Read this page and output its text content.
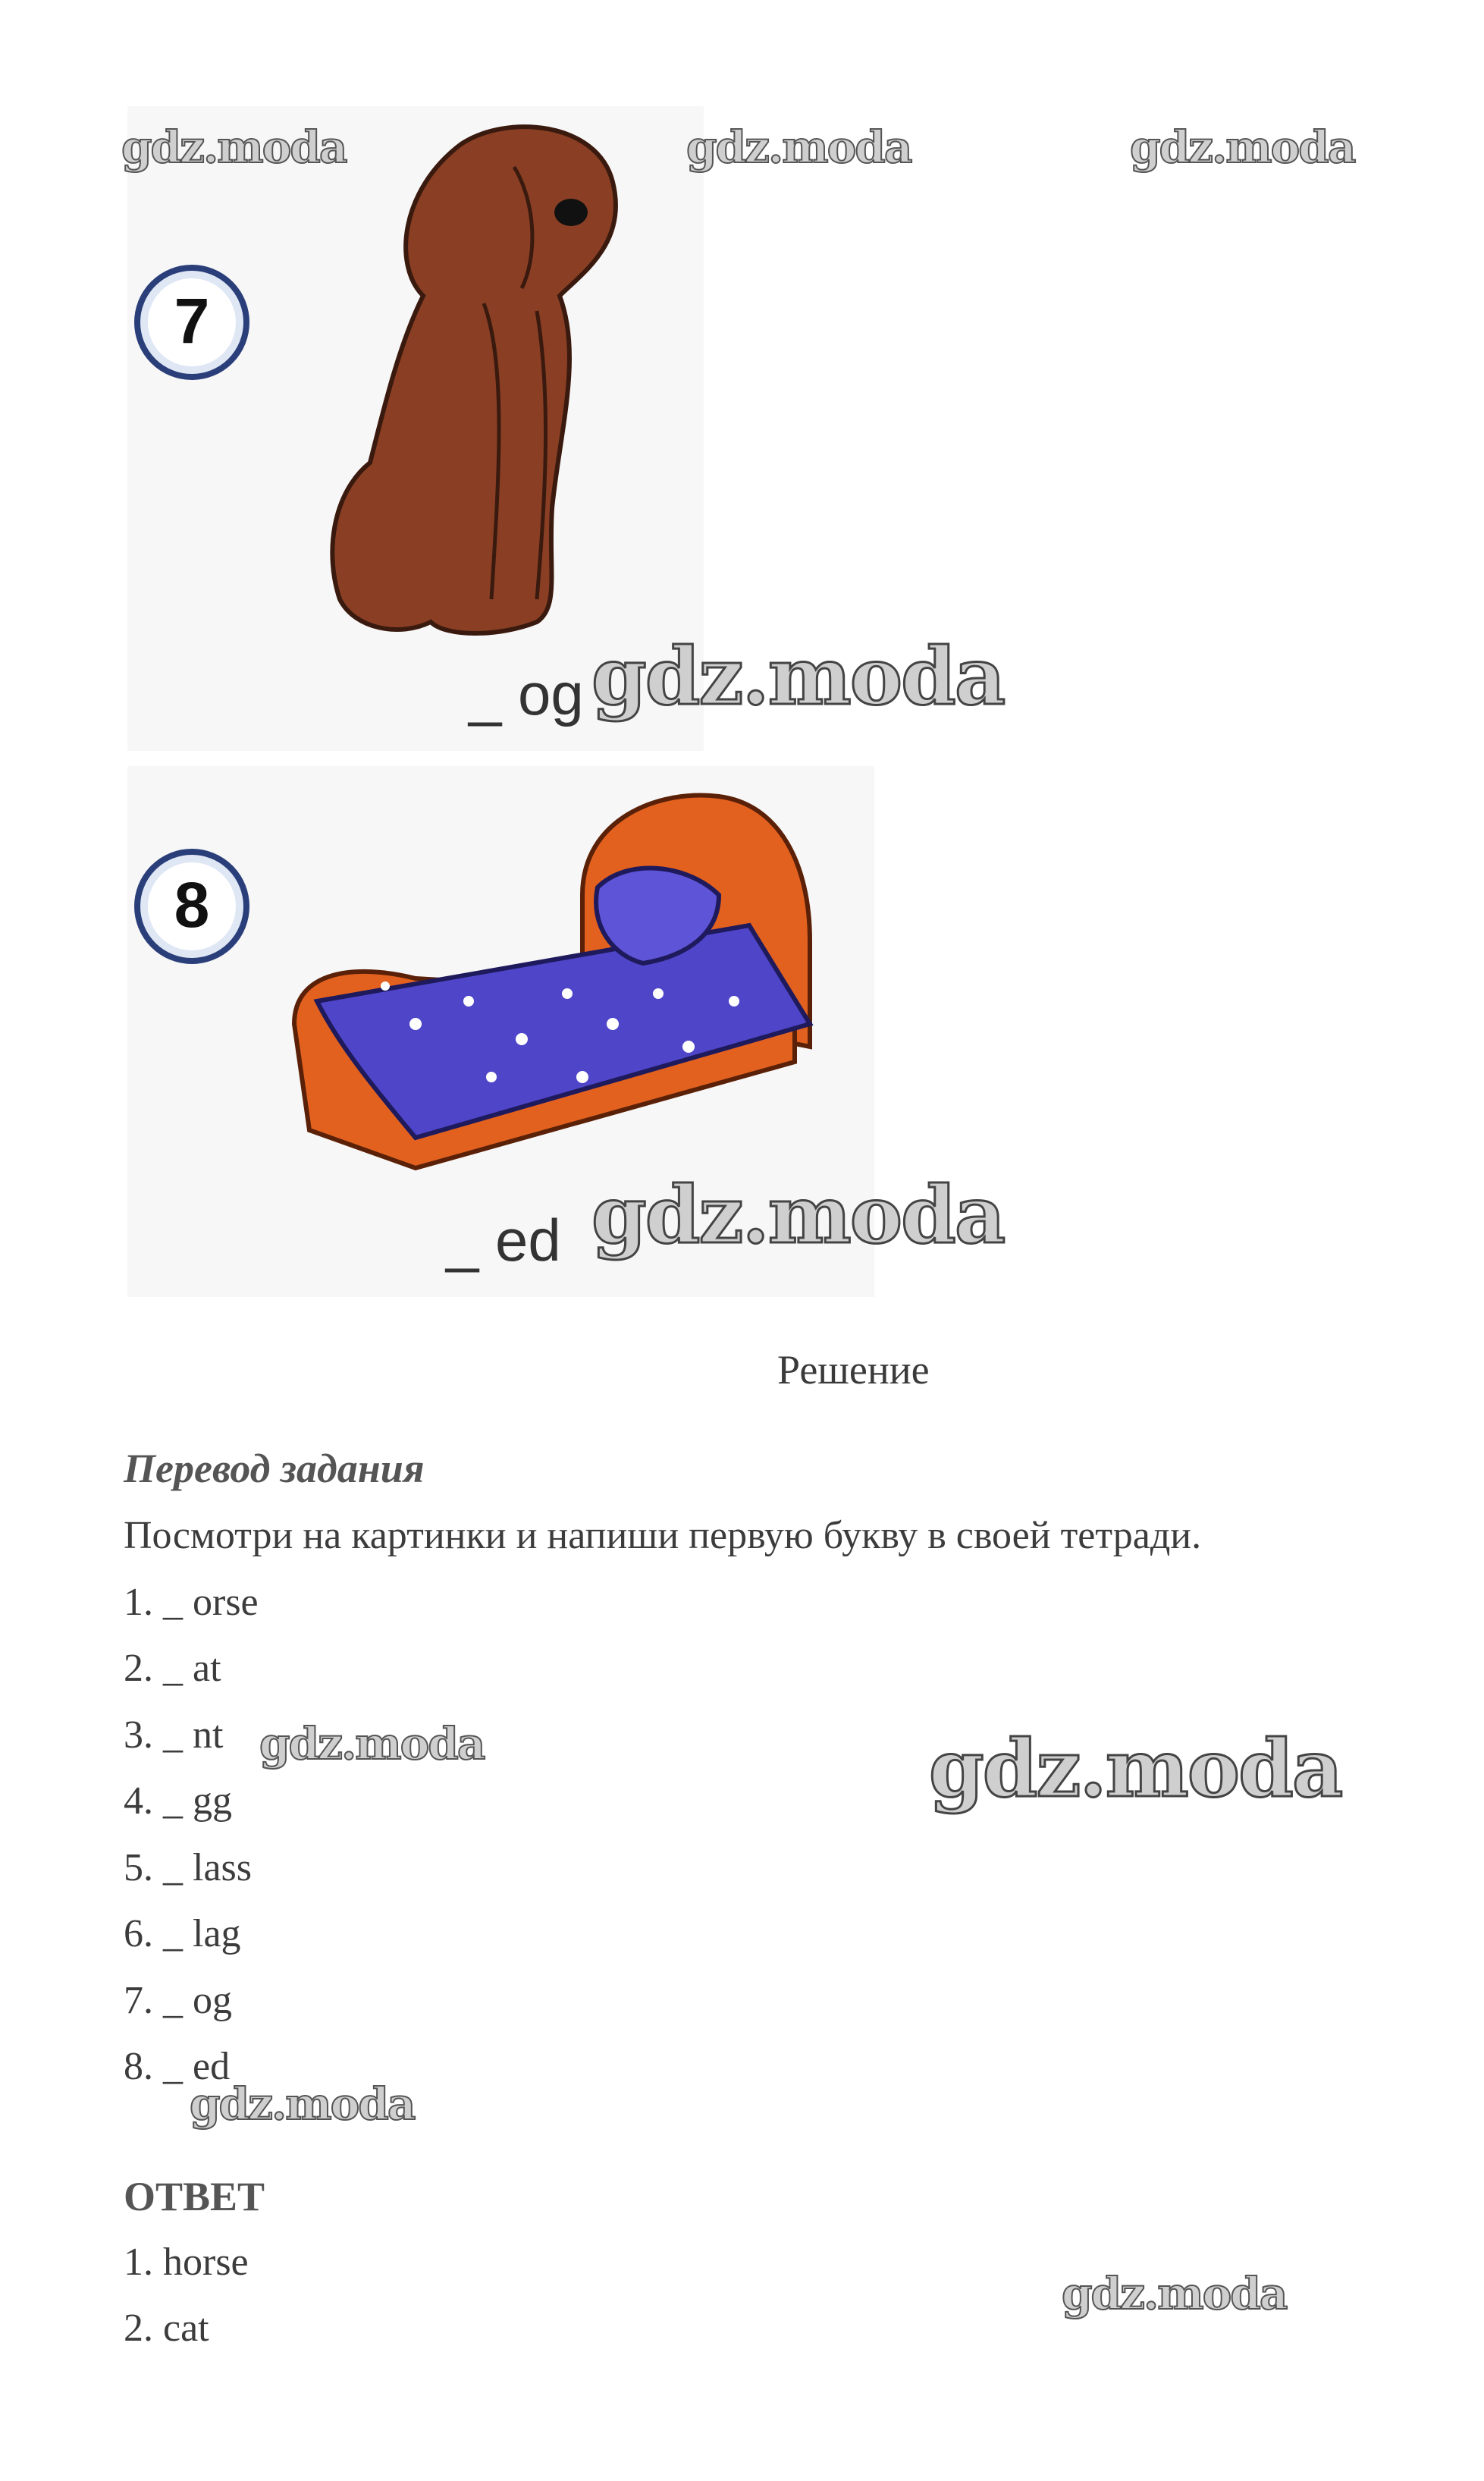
7
_ og
8
_ ed
gdz.moda	gdz.moda	gdz.moda
gdz.moda
gdz.moda
gdz.moda	gdz.moda
gdz.moda
gdz.moda
Решение
Перевод задания
Посмотри на картинки и напиши первую букву в своей тетради.
1. _ orse
2. _ at
3. _ nt
4. _ gg
5. _ lass
6. _ lag
7. _ og
8. _ ed
ОТВЕТ
1. horse
2. cat
